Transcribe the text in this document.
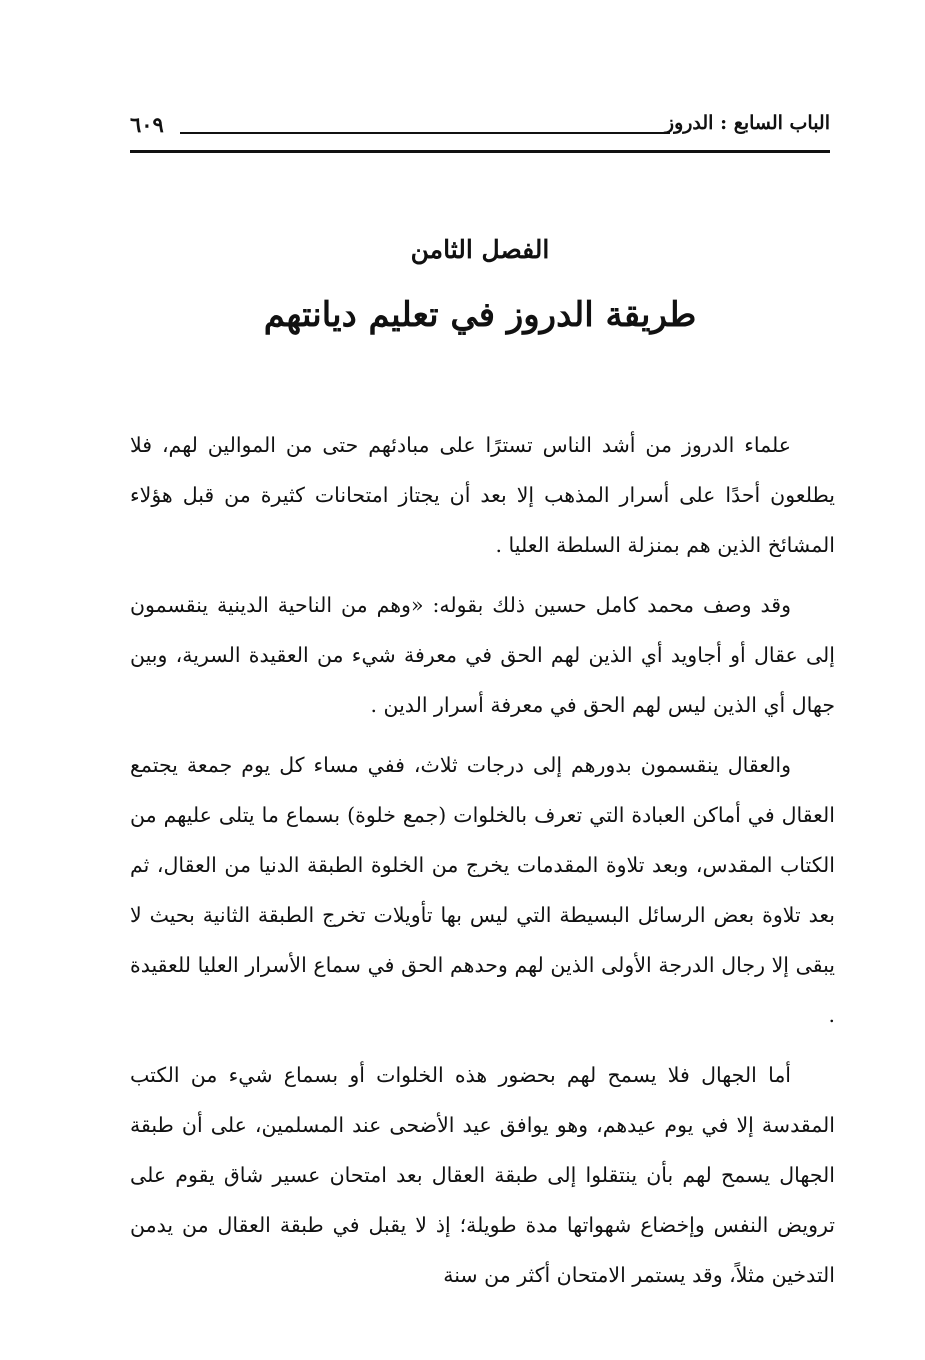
الباب السابع : الدروز
٦٠٩
الفصل الثامن
طريقة الدروز في تعليم ديانتهم

علماء الدروز من أشد الناس تسترًا على مبادئهم حتى من الموالين لهم، فلا يطلعون أحدًا على أسرار المذهب إلا بعد أن يجتاز امتحانات كثيرة من قبل هؤلاء المشائخ الذين هم بمنزلة السلطة العليا .

وقد وصف محمد كامل حسين ذلك بقوله: «وهم من الناحية الدينية ينقسمون إلى عقال أو أجاويد أي الذين لهم الحق في معرفة شيء من العقيدة السرية، وبين جهال أي الذين ليس لهم الحق في معرفة أسرار الدين .

والعقال ينقسمون بدورهم إلى درجات ثلاث، ففي مساء كل يوم جمعة يجتمع العقال في أماكن العبادة التي تعرف بالخلوات (جمع خلوة) بسماع ما يتلى عليهم من الكتاب المقدس، وبعد تلاوة المقدمات يخرج من الخلوة الطبقة الدنيا من العقال، ثم بعد تلاوة بعض الرسائل البسيطة التي ليس بها تأويلات تخرج الطبقة الثانية بحيث لا يبقى إلا رجال الدرجة الأولى الذين لهم وحدهم الحق في سماع الأسرار العليا للعقيدة .

أما الجهال فلا يسمح لهم بحضور هذه الخلوات أو بسماع شيء من الكتب المقدسة إلا في يوم عيدهم، وهو يوافق عيد الأضحى عند المسلمين، على أن طبقة الجهال يسمح لهم بأن ينتقلوا إلى طبقة العقال بعد امتحان عسير شاق يقوم على ترويض النفس وإخضاع شهواتها مدة طويلة؛ إذ لا يقبل في طبقة العقال من يدمن التدخين مثلاً، وقد يستمر الامتحان أكثر من سنة
